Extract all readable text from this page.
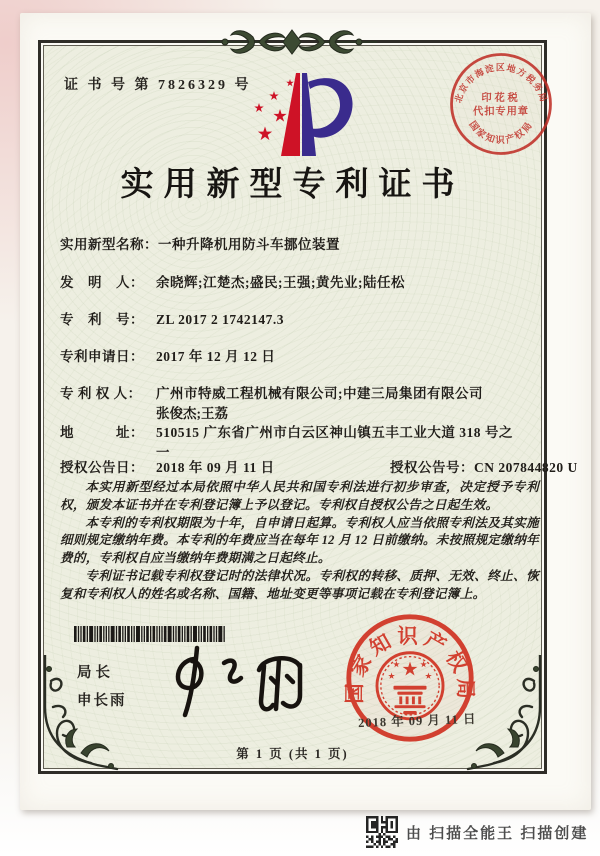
证 书 号 第 7826329 号
北京市海淀区地方税务局
印花税
代扣专用章
国家知识产权局
实用新型专利证书
实用新型名称：一种升降机用防斗车挪位装置
发　明　人： 余晓辉;江楚杰;盛民;王强;黄先业;陆任松
专　利　号： ZL 2017 2 1742147.3
专利申请日： 2017 年 12 月 12 日
专 利 权 人： 广州市特威工程机械有限公司;中建三局集团有限公司
张俊杰;王荔
地　　　址： 510515 广东省广州市白云区神山镇五丰工业大道 318 号之
一
授权公告日： 2018 年 09 月 11 日	授权公告号：CN 207844820 U

本实用新型经过本局依照中华人民共和国专利法进行初步审查，决定授予专利权，颁发本证书并在专利登记簿上予以登记。专利权自授权公告之日起生效。

本专利的专利权期限为十年，自申请日起算。专利权人应当依照专利法及其实施细则规定缴纳年费。本专利的年费应当在每年 12 月 12 日前缴纳。未按照规定缴纳年费的，专利权自应当缴纳年费期满之日起终止。

专利证书记载专利权登记时的法律状况。专利权的转移、质押、无效、终止、恢复和专利权人的姓名或名称、国籍、地址变更等事项记载在专利登记簿上。

局长
申长雨	国家知识产权局
2018 年 09 月 11 日
第 1 页 (共 1 页)
由 扫描全能王 扫描创建
